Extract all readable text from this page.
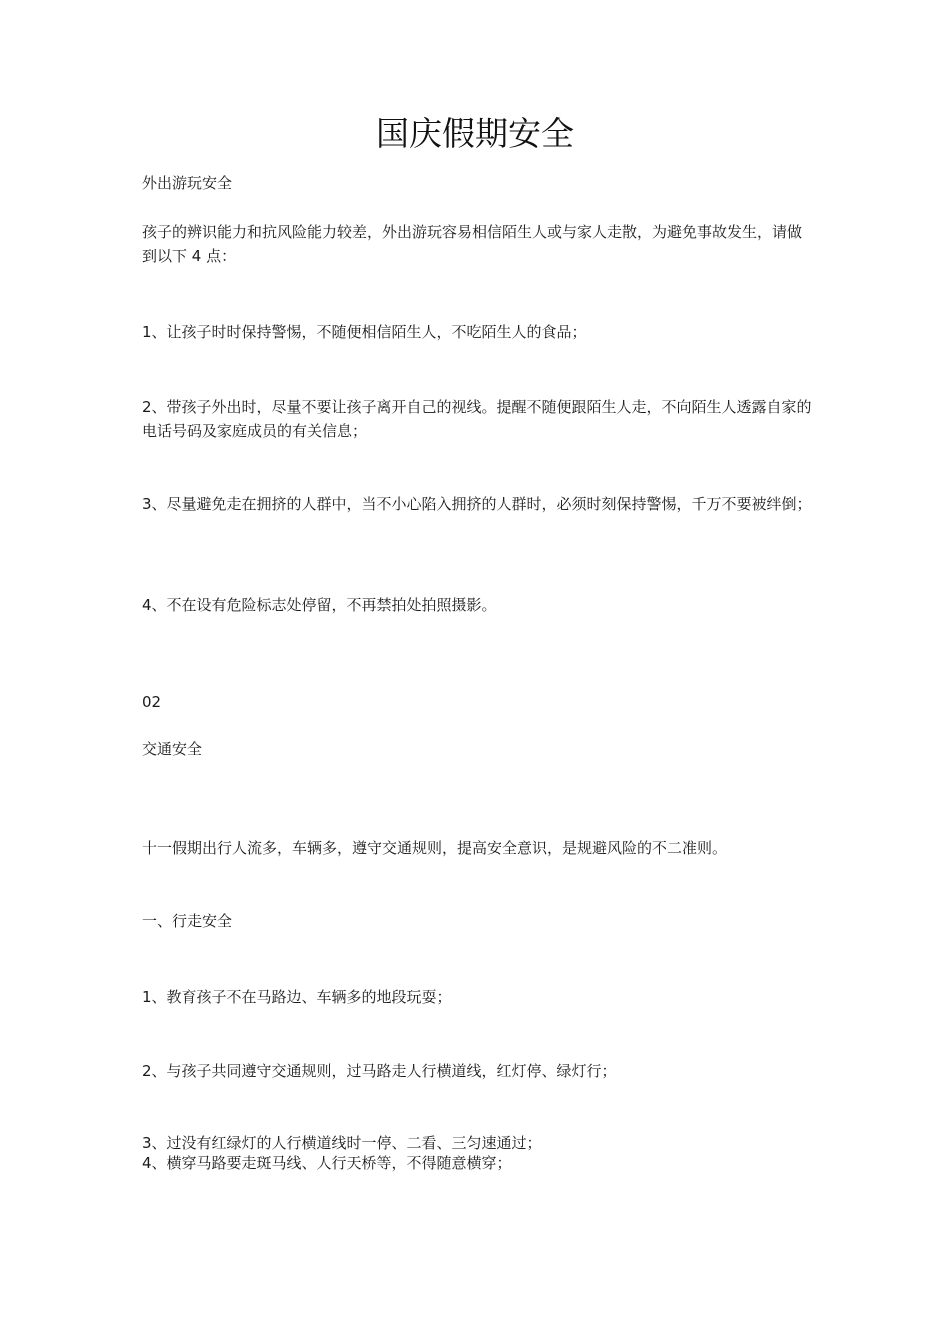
国庆假期安全

外出游玩安全

孩子的辨识能力和抗风险能力较差，外出游玩容易相信陌生人或与家人走散，为避免事故发生，请做到以下 4 点：

1、让孩子时时保持警惕，不随便相信陌生人，不吃陌生人的食品；

2、带孩子外出时，尽量不要让孩子离开自己的视线。提醒不随便跟陌生人走，不向陌生人透露自家的电话号码及家庭成员的有关信息；

3、尽量避免走在拥挤的人群中，当不小心陷入拥挤的人群时，必须时刻保持警惕，千万不要被绊倒；

4、不在设有危险标志处停留，不再禁拍处拍照摄影。

02

交通安全

十一假期出行人流多，车辆多，遵守交通规则，提高安全意识，是规避风险的不二准则。

一、行走安全

1、教育孩子不在马路边、车辆多的地段玩耍；

2、与孩子共同遵守交通规则，过马路走人行横道线，红灯停、绿灯行；

3、过没有红绿灯的人行横道线时一停、二看、三匀速通过；

4、横穿马路要走斑马线、人行天桥等，不得随意横穿；
